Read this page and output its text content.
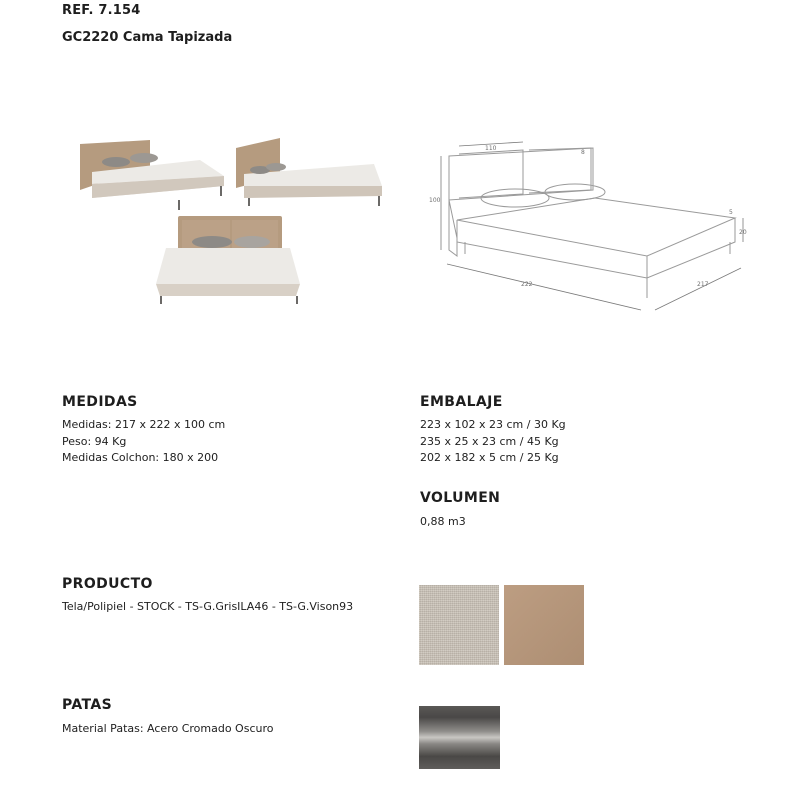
REF. 7.154
GC2220 Cama Tapizada
110
8
100
20
5
222	217
MEDIDAS
Medidas: 217 x 222 x 100 cm
Peso: 94 Kg
Medidas Colchon: 180 x 200
EMBALAJE
223 x 102 x 23 cm / 30 Kg
235 x 25 x 23 cm / 45 Kg
202 x 182 x 5 cm / 25 Kg
VOLUMEN
0,88 m3
PRODUCTO
Tela/Polipiel - STOCK - TS-G.GrisILA46 - TS-G.Vison93
PATAS
Material Patas: Acero Cromado Oscuro
